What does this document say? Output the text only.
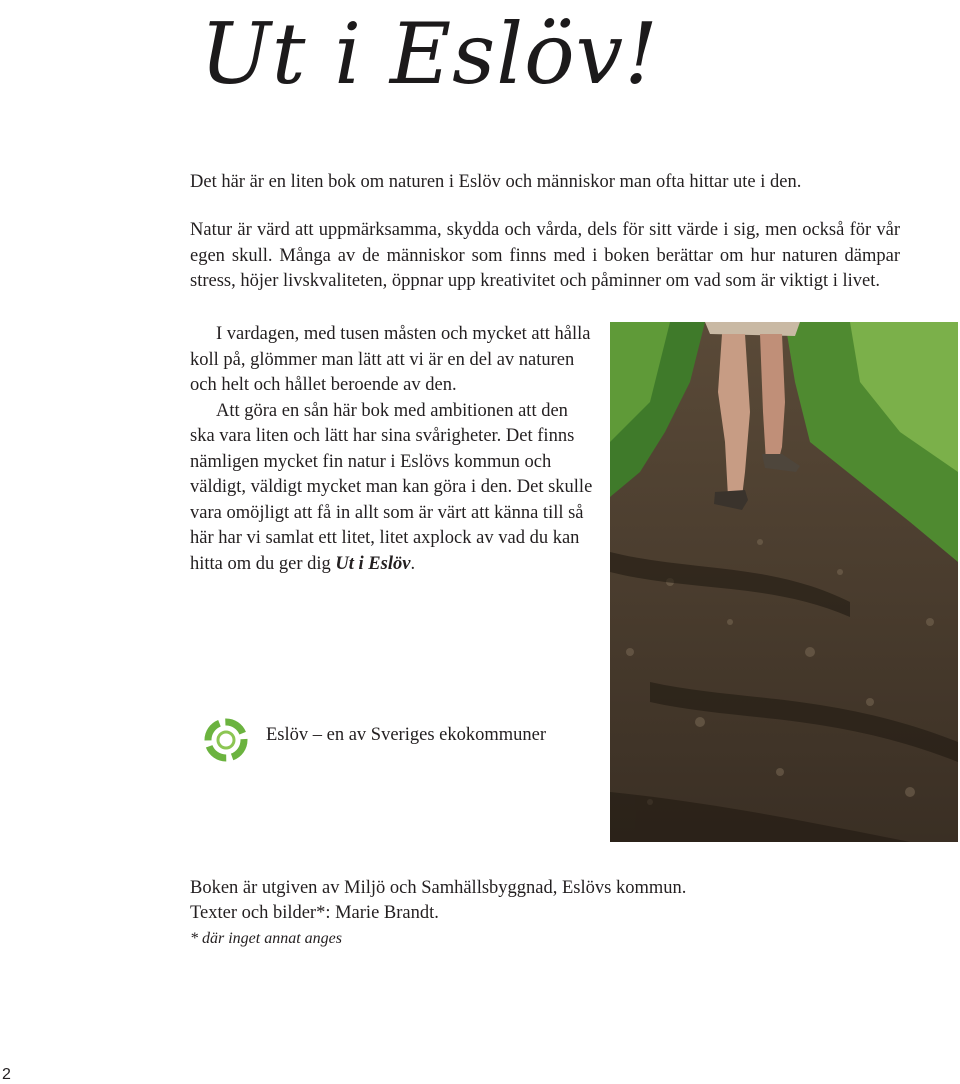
Ut i Eslöv!

Det här är en liten bok om naturen i Eslöv och människor man ofta hittar ute i den.

Natur är värd att uppmärksamma, skydda och vårda, dels för sitt värde i sig, men också för vår egen skull. Många av de människor som finns med i boken berättar om hur naturen dämpar stress, höjer livskvaliteten, öppnar upp kreativitet och påminner om vad som är viktigt i livet.

I vardagen, med tusen måsten och mycket att hålla koll på, glömmer man lätt att vi är en del av naturen och helt och hållet beroende av den.

Att göra en sån här bok med ambitionen att den ska vara liten och lätt har sina svårigheter. Det finns nämligen mycket fin natur i Eslövs kommun och väldigt, väldigt mycket man kan göra i den. Det skulle vara omöjligt att få in allt som är värt att känna till så här har vi samlat ett litet, litet axplock av vad du kan hitta om du ger dig Ut i Eslöv.

Eslöv – en av Sveriges ekokommuner

Boken är utgiven av Miljö och Samhällsbyggnad, Eslövs kommun.
Texter och bilder*: Marie Brandt.
* där inget annat anges

2
